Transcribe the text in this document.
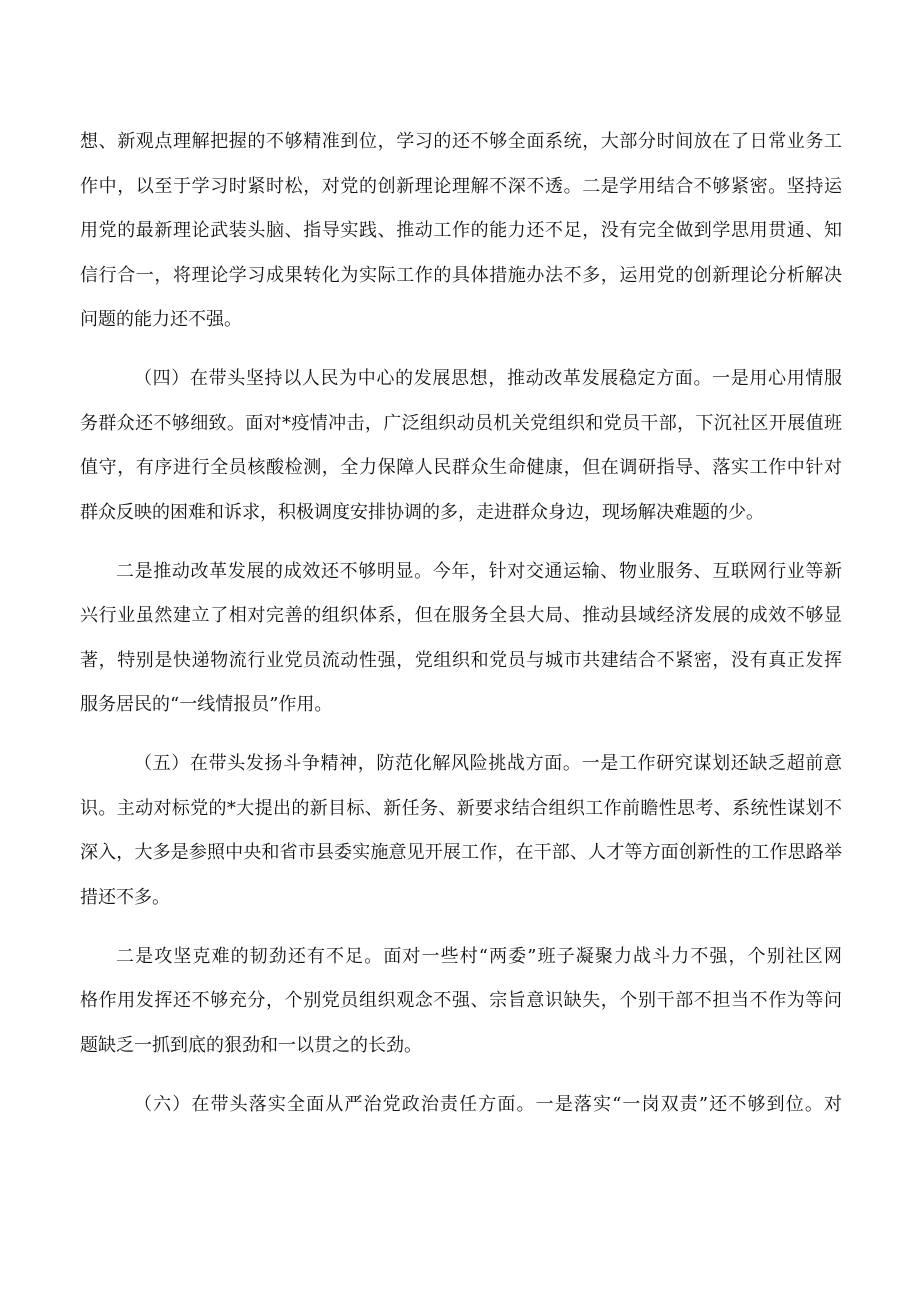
想、新观点理解把握的不够精准到位，学习的还不够全面系统，大部分时间放在了日常业务工
作中，以至于学习时紧时松，对党的创新理论理解不深不透。二是学用结合不够紧密。坚持运
用党的最新理论武装头脑、指导实践、推动工作的能力还不足，没有完全做到学思用贯通、知
信行合一，将理论学习成果转化为实际工作的具体措施办法不多，运用党的创新理论分析解决
问题的能力还不强。
（四）在带头坚持以人民为中心的发展思想，推动改革发展稳定方面。一是用心用情服
务群众还不够细致。面对*疫情冲击，广泛组织动员机关党组织和党员干部，下沉社区开展值班
值守，有序进行全员核酸检测，全力保障人民群众生命健康，但在调研指导、落实工作中针对
群众反映的困难和诉求，积极调度安排协调的多，走进群众身边，现场解决难题的少。
二是推动改革发展的成效还不够明显。今年，针对交通运输、物业服务、互联网行业等新
兴行业虽然建立了相对完善的组织体系，但在服务全县大局、推动县域经济发展的成效不够显
著，特别是快递物流行业党员流动性强，党组织和党员与城市共建结合不紧密，没有真正发挥
服务居民的“一线情报员”作用。
（五）在带头发扬斗争精神，防范化解风险挑战方面。一是工作研究谋划还缺乏超前意
识。主动对标党的*大提出的新目标、新任务、新要求结合组织工作前瞻性思考、系统性谋划不
深入，大多是参照中央和省市县委实施意见开展工作，在干部、人才等方面创新性的工作思路举
措还不多。
二是攻坚克难的韧劲还有不足。面对一些村“两委”班子凝聚力战斗力不强，个别社区网
格作用发挥还不够充分，个别党员组织观念不强、宗旨意识缺失，个别干部不担当不作为等问
题缺乏一抓到底的狠劲和一以贯之的长劲。
（六）在带头落实全面从严治党政治责任方面。一是落实“一岗双责”还不够到位。对
